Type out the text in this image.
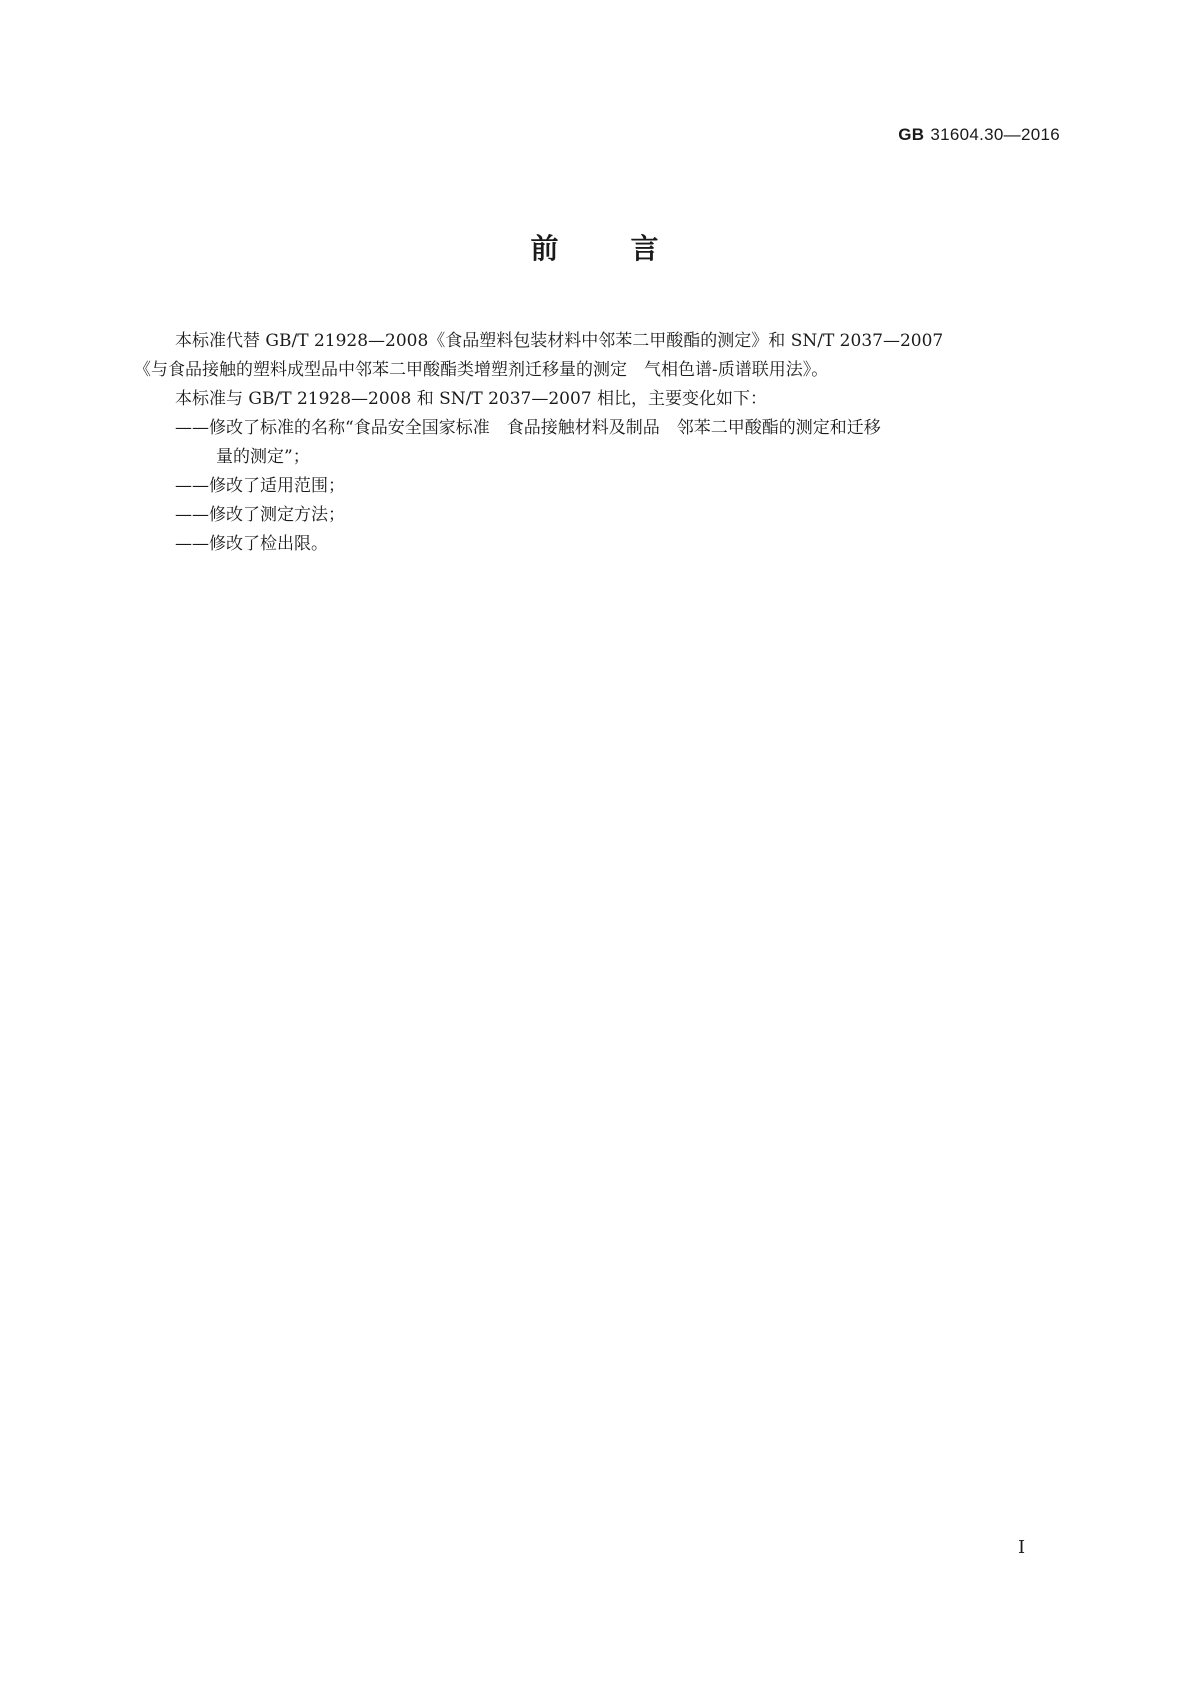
GB 31604.30—2016
前	言

本标准代替 GB/T 21928—2008《食品塑料包装材料中邻苯二甲酸酯的测定》和 SN/T 2037—2007

《与食品接触的塑料成型品中邻苯二甲酸酯类增塑剂迁移量的测定　气相色谱-质谱联用法》。

本标准与 GB/T 21928—2008 和 SN/T 2037—2007 相比，主要变化如下：

——修改了标准的名称“食品安全国家标准　食品接触材料及制品　邻苯二甲酸酯的测定和迁移

量的测定”；

——修改了适用范围；

——修改了测定方法；

——修改了检出限。

I
